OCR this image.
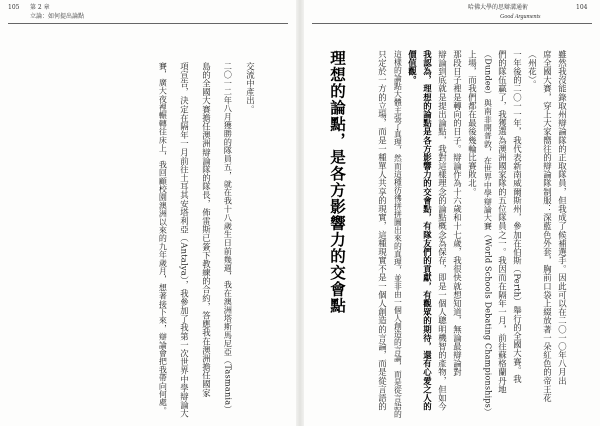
105 第 2 章
立論：如何提出論點
交流中產出。
二〇一二年八月獲勝的隊員五，就在我十八歲生日前幾週，我在澳洲塔斯馬尼亞（Tasmania）
島的全國大賽擔任澳洲辯論隊的隊長，佈雷斯已簽下教練的合約，答應我在澳洲擔任國家
項宣告，決定在隔年一月前往土耳其安塔利亞（Antalya），我參加了我第一次世界中學辯論大
賽，廣大夜裡輾轉往床上，我回顧校園澳洲以來的九年歲月，想著接下來，辯論會把我帶向何處。
哈佛大學的思辯溝通術
Good Arguments
104
雖然我沒能錄取州辯論隊的正取隊員，但我成了候補選手。因此可以在二〇一〇年八月出
席全國大賽，穿上大家嚮往的辯論隊制服：深藍色外套，胸前口袋上綴放著一朵紅色的帝王花
（州花）。
一年後的二〇一一年，我代表新南威爾斯州，參加在伯斯（Perth）舉行的全國大賽。我
們的隊伍贏了，我獲選為澳洲國家隊的五位隊員之一。我因而在隔年一月，前往蘇格蘭丹地
（Dundee）與南非開普敦，在世界中學辯論大賽（World Schools Debating Championships）
上場，而我們都在最後幾輪比賽敗北。
那段日子裡是轉向的日子。辯論作為十六歲和十七歲，我很快就想知道，無論最辯論對
辯論到底就是提出論點，我對這樣理念的論點概念為保存，即是一個人聰明機智的產物，但如今
我認為，理想的論點是各方影響力的交會點，有隊友們的貢獻，有觀眾的期待，還有心愛之人的
價值觀。
這樣的論點大體主張了真理，然而這種彷彿拼拼圖出來的真理，並非由一個人創造的言論，而是從言語的
只定於一方的立場，而是一種單人共享的現實，這種現實不是一個人創造的言論，而是從言語的
理想的論點，是各方影響力的交會點
